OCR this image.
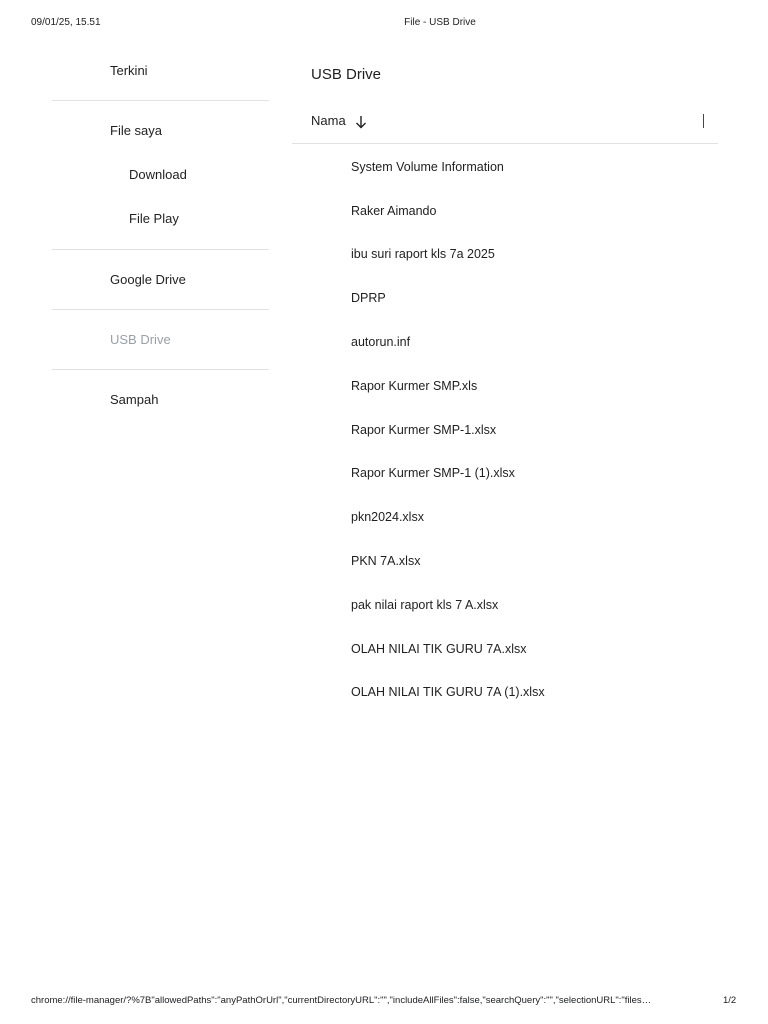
09/01/25, 15.51	File - USB Drive
Terkini
File saya
Download
File Play
Google Drive
USB Drive
Sampah
USB Drive
Nama
System Volume Information
Raker Aimando
ibu suri raport kls 7a 2025
DPRP
autorun.inf
Rapor Kurmer SMP.xls
Rapor Kurmer SMP-1.xlsx
Rapor Kurmer SMP-1 (1).xlsx
pkn2024.xlsx
PKN 7A.xlsx
pak nilai raport kls 7 A.xlsx
OLAH NILAI TIK GURU 7A.xlsx
OLAH NILAI TIK GURU 7A (1).xlsx
chrome://file-manager/?%7B"allowedPaths":"anyPathOrUrl","currentDirectoryURL":"","includeAllFiles":false,"searchQuery":"","selectionURL":"files…	1/2
